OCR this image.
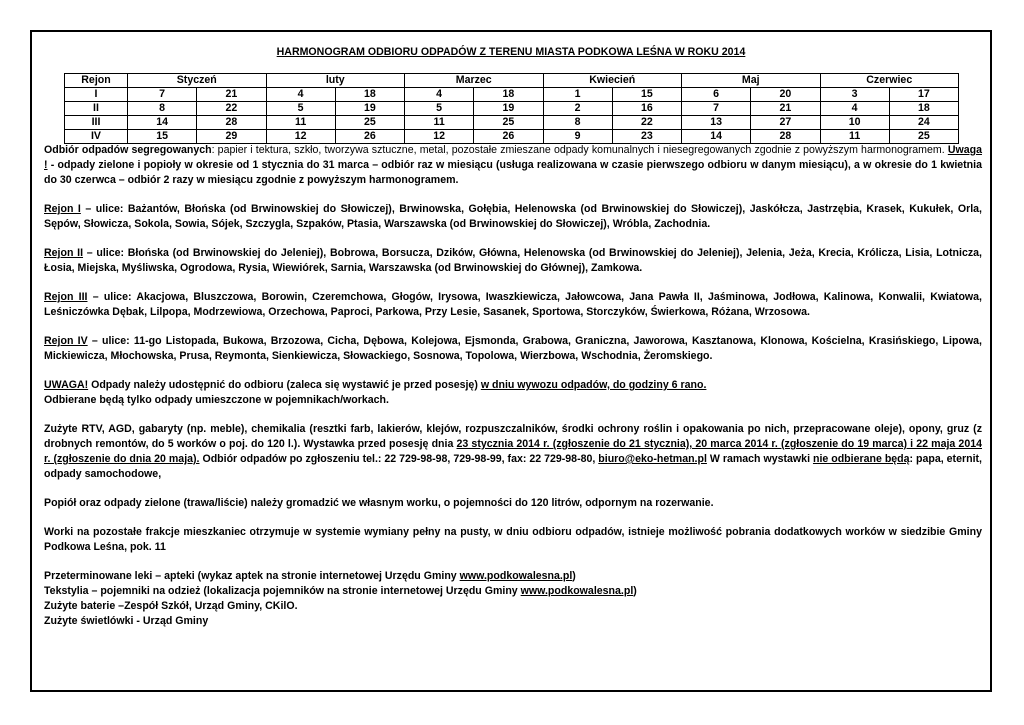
HARMONOGRAM ODBIORU ODPADÓW Z TERENU MIASTA PODKOWA LEŚNA W ROKU 2014
Rejon	Styczeń		luty		Marzec		Kwiecień		Maj		Czerwiec	
I	7	21	4	18	4	18	1	15	6	20	3	17
II	8	22	5	19	5	19	2	16	7	21	4	18
III	14	28	11	25	11	25	8	22	13	27	10	24
IV	15	29	12	26	12	26	9	23	14	28	11	25

Odbiór odpadów segregowanych: papier i tektura, szkło, tworzywa sztuczne, metal, pozostałe zmieszane odpady komunalnych i niesegregowanych zgodnie z powyższym harmonogramem. Uwaga ! - odpady zielone i popioły w okresie od 1 stycznia do 31 marca – odbiór raz w miesiącu (usługa realizowana w czasie pierwszego odbioru w danym miesiącu), a w okresie do 1 kwietnia do 30 czerwca – odbiór 2 razy w miesiącu zgodnie z powyższym harmonogramem.

Rejon I – ulice: Bażantów, Błońska (od Brwinowskiej do Słowiczej), Brwinowska, Gołębia, Helenowska (od Brwinowskiej do Słowiczej), Jaskółcza, Jastrzębia, Krasek, Kukułek, Orla, Sępów, Słowicza, Sokola, Sowia, Sójek, Szczygla, Szpaków, Ptasia, Warszawska (od Brwinowskiej do Słowiczej), Wróbla, Zachodnia.

Rejon II – ulice: Błońska (od Brwinowskiej do Jeleniej), Bobrowa, Borsucza, Dzików, Główna, Helenowska (od Brwinowskiej do Jeleniej), Jelenia, Jeża, Krecia, Królicza, Lisia, Lotnicza, Łosia, Miejska, Myśliwska, Ogrodowa, Rysia, Wiewiórek, Sarnia, Warszawska (od Brwinowskiej do Głównej), Zamkowa.

Rejon III – ulice: Akacjowa, Bluszczowa, Borowin, Czeremchowa, Głogów, Irysowa, Iwaszkiewicza, Jałowcowa, Jana Pawła II, Jaśminowa, Jodłowa, Kalinowa, Konwalii, Kwiatowa, Leśniczówka Dębak, Lilpopa, Modrzewiowa, Orzechowa, Paproci, Parkowa, Przy Lesie, Sasanek, Sportowa, Storczyków, Świerkowa, Różana, Wrzosowa.

Rejon IV – ulice: 11-go Listopada, Bukowa, Brzozowa, Cicha, Dębowa, Kolejowa, Ejsmonda, Grabowa, Graniczna, Jaworowa, Kasztanowa, Klonowa, Kościelna, Krasińskiego, Lipowa, Mickiewicza, Młochowska, Prusa, Reymonta, Sienkiewicza, Słowackiego, Sosnowa, Topolowa, Wierzbowa, Wschodnia, Żeromskiego.

UWAGA! Odpady należy udostępnić do odbioru (zaleca się wystawić je przed posesję) w dniu wywozu odpadów, do godziny 6 rano.

Odbierane będą tylko odpady umieszczone w pojemnikach/workach.

Zużyte RTV, AGD, gabaryty (np. meble), chemikalia (resztki farb, lakierów, klejów, rozpuszczalników, środki ochrony roślin i opakowania po nich, przepracowane oleje), opony, gruz (z drobnych remontów, do 5 worków o poj. do 120 l.). Wystawka przed posesję dnia 23 stycznia 2014 r. (zgłoszenie do 21 stycznia), 20 marca 2014 r. (zgłoszenie do 19 marca) i 22 maja 2014 r. (zgłoszenie do dnia 20 maja). Odbiór odpadów po zgłoszeniu tel.: 22 729-98-98, 729-98-99, fax: 22 729-98-80, biuro@eko-hetman.pl W ramach wystawki nie odbierane będą: papa, eternit, odpady samochodowe,

Popiół oraz odpady zielone (trawa/liście) należy gromadzić we własnym worku, o pojemności do 120 litrów, odpornym na rozerwanie.

Worki na pozostałe frakcje mieszkaniec otrzymuje w systemie wymiany pełny na pusty, w dniu odbioru odpadów, istnieje możliwość pobrania dodatkowych worków w siedzibie Gminy Podkowa Leśna, pok. 11

Przeterminowane leki – apteki (wykaz aptek na stronie internetowej Urzędu Gminy www.podkowalesna.pl)

Tekstylia – pojemniki na odzież (lokalizacja pojemników na stronie internetowej Urzędu Gminy www.podkowalesna.pl)

Zużyte baterie –Zespół Szkół, Urząd Gminy, CKilO.

Zużyte świetlówki - Urząd Gminy
